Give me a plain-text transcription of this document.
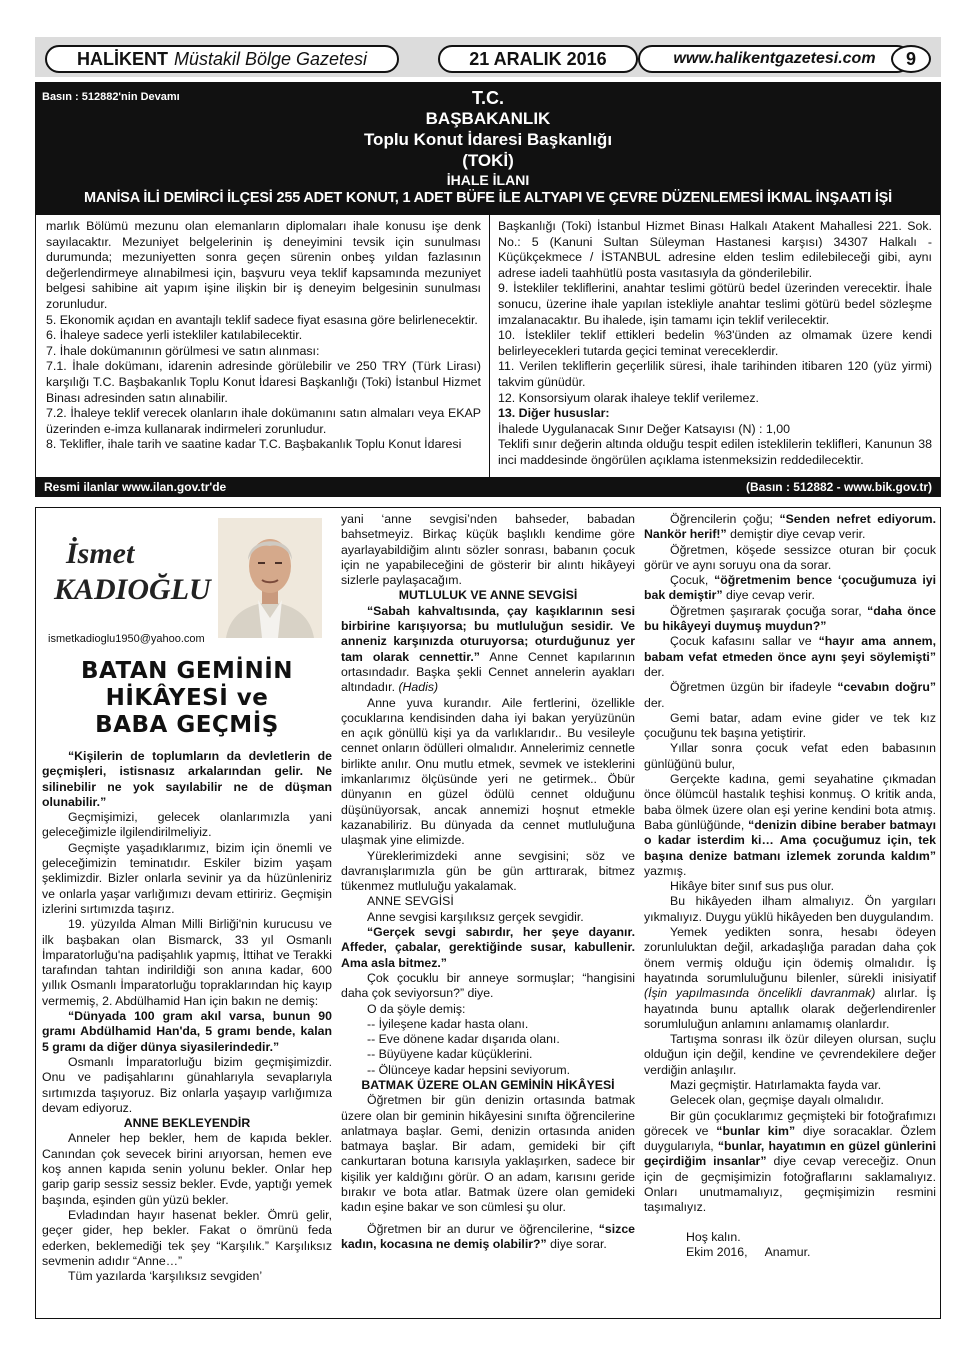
HALİKENT Müstakil Bölge Gazetesi	21 ARALIK 2016	www.halikentgazetesi.com	9
Basın : 512882'nin Devamı	T.C.
BAŞBAKANLIK
Toplu Konut İdaresi Başkanlığı
(TOKİ)
İHALE İLANI
MANİSA İLİ DEMİRCİ İLÇESİ 255 ADET KONUT, 1 ADET BÜFE İLE ALTYAPI VE ÇEVRE DÜZENLEMESİ İKMAL İNŞAATI İŞİ

marlık Bölümü mezunu olan elemanların diplomaları ihale konusu işe denk sayılacaktır. Mezuniyet belgelerinin iş deneyimini tevsik için sunulması durumunda; mezuniyetten sonra geçen sürenin onbeş yıldan fazlasının değerlendirmeye alınabilmesi için, başvuru veya teklif kapsamında mezuniyet belgesi sahibine ait yapım işine ilişkin bir iş deneyim belgesinin sunulması zorunludur.

5. Ekonomik açıdan en avantajlı teklif sadece fiyat esasına göre belirlenecektir.

6. İhaleye sadece yerli istekliler katılabilecektir.

7. İhale dokümanının görülmesi ve satın alınması:

7.1. İhale dokümanı, idarenin adresinde görülebilir ve 250 TRY (Türk Lirası) karşılığı T.C. Başbakanlık Toplu Konut İdaresi Başkanlığı (Toki) İstanbul Hizmet Binası adresinden satın alınabilir.

7.2. İhaleye teklif verecek olanların ihale dokümanını satın almaları veya EKAP üzerinden e-imza kullanarak indirmeleri zorunludur.

8. Teklifler, ihale tarih ve saatine kadar T.C. Başbakanlık Toplu Konut İdaresi

Başkanlığı (Toki) İstanbul Hizmet Binası Halkalı Atakent Mahallesi 221. Sok. No.: 5 (Kanuni Sultan Süleyman Hastanesi karşısı) 34307 Halkalı - Küçükçekmece / İSTANBUL adresine elden teslim edilebileceği gibi, aynı adrese iadeli taahhütlü posta vasıtasıyla da gönderilebilir.

9. İstekliler tekliflerini, anahtar teslimi götürü bedel üzerinden verecektir. İhale sonucu, üzerine ihale yapılan istekliyle anahtar teslimi götürü bedel sözleşme imzalanacaktır. Bu ihalede, işin tamamı için teklif verilecektir.

10. İstekliler teklif ettikleri bedelin %3'ünden az olmamak üzere kendi belirleyecekleri tutarda geçici teminat vereceklerdir.

11. Verilen tekliflerin geçerlilik süresi, ihale tarihinden itibaren 120 (yüz yirmi) takvim günüdür.

12. Konsorsiyum olarak ihaleye teklif verilemez.

13. Diğer hususlar:

İhalede Uygulanacak Sınır Değer Katsayısı (N) : 1,00

Teklifi sınır değerin altında olduğu tespit edilen isteklilerin teklifleri, Kanunun 38 inci maddesinde öngörülen açıklama istenmeksizin reddedilecektir.

Resmi ilanlar www.ilan.gov.tr'de	(Basın : 512882 - www.bik.gov.tr)
İsmet
KADIOĞLU
ismetkadioglu1950@yahoo.com
BATAN GEMİNİN
HİKÂYESİ ve
BABA GEÇMİŞ

“Kişilerin de toplumların da devletlerin de geçmişleri, istisnasız arkalarından gelir. Ne silinebilir ne yok sayılabilir ne de düşman olunabilir.”

Geçmişimizi, gelecek olanlarımızla yani geleceğimizle ilgilendirilmeliyiz.

Geçmişte yaşadıklarımız, bizim için önemli ve geleceğimizin teminatıdır. Eskiler bizim yaşam şeklimizdir. Bizler onlarla sevinir ya da hüzünleniriz ve onlarla yaşar varlığımızı devam ettiririz. Geçmişin izlerini sırtımızda taşırız.

19. yüzyılda Alman Milli Birliği'nin kurucusu ve ilk başbakan olan Bismarck, 33 yıl Osmanlı İmparatorluğu'na padişahlık yapmış, İttihat ve Terakki tarafından tahtan indirildiği son anına kadar, 600 yıllık Osmanlı İmparatorluğu topraklarından hiç kayıp vermemiş, 2. Abdülhamid Han için bakın ne demiş:

“Dünyada 100 gram akıl varsa, bunun 90 gramı Abdülhamid Han'da, 5 gramı bende, kalan 5 gramı da diğer dünya siyasilerindedir.”

Osmanlı İmparatorluğu bizim geçmişimizdir. Onu ve padişahlarını günahlarıyla sevaplarıyla sırtımızda taşıyoruz. Biz onlarla yaşayıp varlığımıza devam ediyoruz.

ANNE BEKLEYENDİR

Anneler hep bekler, hem de kapıda bekler. Canından çok sevecek birini arıyorsan, hemen eve koş annen kapıda senin yolunu bekler. Onlar hep garip garip sessiz sessiz bekler. Evde, yaptığı yemek başında, eşinden gün yüzü bekler.

Evladından hayır hasenat bekler. Ömrü gelir, geçer gider, hep bekler. Fakat o ömrünü feda ederken, beklemediği tek şey “Karşılık.” Karşılıksız sevmenin adıdır “Anne…”

Tüm yazılarda ‘karşılıksız sevgiden’

yani ‘anne sevgisi’nden bahseder, babadan bahsetmeyiz. Birkaç küçük başlıklı kendime göre ayarlayabildiğim alıntı sözler sonrası, babanın çocuk için ne yapabileceğini de gösterir bir alıntı hikâyeyi sizlerle paylaşacağım.

MUTLULUK VE ANNE SEVGİSİ

“Sabah kahvaltısında, çay kaşıklarının sesi birbirine karışıyorsa; bu mutluluğun sesidir. Ve anneniz karşınızda oturuyorsa; oturduğunuz yer tam olarak cennettir.” Anne Cennet kapılarının ortasındadır. Başka şekli Cennet annelerin ayakları altındadır. (Hadis)

Anne yuva kurandır. Aile fertlerini, özellikle çocuklarına kendisinden daha iyi bakan yeryüzünün en açık gönüllü kişi ya da varlıklarıdır.. Bu vesileyle cennet onların ödülleri olmalıdır. Annelerimiz cennetle birlikte anılır. Onu mutlu etmek, sevmek ve isteklerini imkanlarımız ölçüsünde yeri ne getirmek.. Öbür dünyanın en güzel ödülü cennet olduğunu düşünüyorsak, ancak annemizi hoşnut etmekle kazanabiliriz. Bu dünyada da cennet mutluluğuna ulaşmak yine elimizde.

Yüreklerimizdeki anne sevgisini; söz ve davranışlarımızla gün be gün arttırarak, bitmez tükenmez mutluluğu yakalamak.

ANNE SEVGİSİ

Anne sevgisi karşılıksız gerçek sevgidir.

“Gerçek sevgi sabırdır, her şeye dayanır. Affeder, çabalar, gerektiğinde susar, kabullenir. Ama asla bitmez.”

Çok çocuklu bir anneye sormuşlar; “hangisini daha çok seviyorsun?” diye.

O da şöyle demiş:

-- İyileşene kadar hasta olanı.

-- Eve dönene kadar dışarıda olanı.

-- Büyüyene kadar küçüklerini.

-- Ölünceye kadar hepsini seviyorum.

BATMAK ÜZERE OLAN GEMİNİN HİKÂYESİ

Öğretmen bir gün denizin ortasında batmak üzere olan bir geminin hikâyesini sınıfta öğrencilerine anlatmaya başlar. Gemi, denizin ortasında aniden batmaya başlar. Bir adam, gemideki bir çift cankurtaran botuna karısıyla yaklaşırken, sadece bir kişilik yer kaldığını görür. O an adam, karısını geride bırakır ve bota atlar. Batmak üzere olan gemideki kadın eşine bakar ve son cümlesi şu olur.

Öğretmen bir an durur ve öğrencilerine, “sizce kadın, kocasına ne demiş olabilir?” diye sorar.

Öğrencilerin çoğu; “Senden nefret ediyorum. Nankör herif!” demiştir diye cevap verir.

Öğretmen, köşede sessizce oturan bir çocuk görür ve aynı soruyu ona da sorar.

Çocuk, “öğretmenim bence ‘çocuğumuza iyi bak demiştir” diye cevap verir.

Öğretmen şaşırarak çocuğa sorar, “daha önce bu hikâyeyi duymuş muydun?”

Çocuk kafasını sallar ve “hayır ama annem, babam vefat etmeden önce aynı şeyi söylemişti” der.

Öğretmen üzgün bir ifadeyle “cevabın doğru” der.

Gemi batar, adam evine gider ve tek kız çocuğunu tek başına yetiştirir.

Yıllar sonra çocuk vefat eden babasının günlüğünü bulur,

Gerçekte kadına, gemi seyahatine çıkmadan önce ölümcül hastalık teşhisi konmuş. O kritik anda, baba ölmek üzere olan eşi yerine kendini bota atmış. Baba günlüğünde, “denizin dibine beraber batmayı o kadar isterdim ki… Ama çocuğumuz için, tek başına denize batmanı izlemek zorunda kaldım” yazmış.

Hikâye biter sınıf sus pus olur.

Bu hikâyeden ilham almalıyız. Ön yargıları yıkmalıyız. Duygu yüklü hikâyeden ben duygulandım.

Yemek yedikten sonra, hesabı ödeyen zorunluluktan değil, arkadaşlığa paradan daha çok önem vermiş olduğu için ödemiş olmalıdır. İş hayatında sorumluluğunu bilenler, sürekli inisiyatif (İşin yapılmasında öncelikli davranmak) alırlar. İş hayatında bunu aptallık olarak değerlendirenler sorumluluğun anlamını anlamamış olanlardır.

Tartışma sonrası ilk özür dileyen olursan, suçlu olduğun için değil, kendine ve çevrendekilere değer verdiğin anlaşılır.

Mazi geçmiştir. Hatırlamakta fayda var.

Gelecek olan, geçmişe dayalı olmalıdır.

Bir gün çocuklarımız geçmişteki bir fotoğrafımızı görecek ve “bunlar kim” diye soracaklar. Özlem duygularıyla, “bunlar, hayatımın en güzel günlerini geçirdiğim insanlar” diye cevap vereceğiz. Onun için de geçmişimizin fotoğraflarını saklamalıyız. Onları unutmamalıyız, geçmişimizin resmini taşımalıyız.

Hoş kalın.

Ekim 2016, Anamur.
